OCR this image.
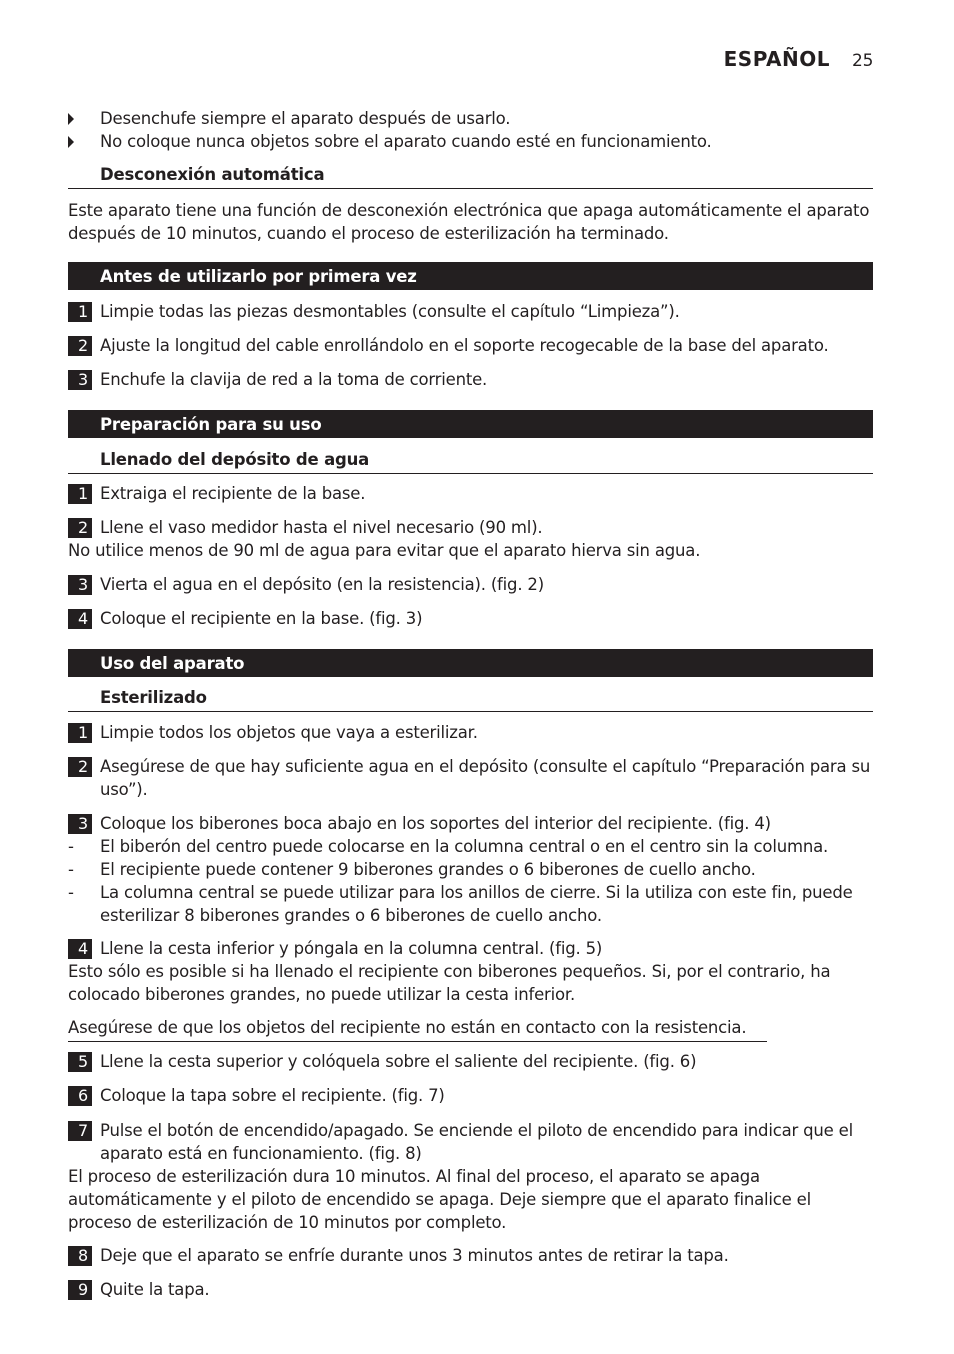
ESPAÑOL 25
Desenchufe siempre el aparato después de usarlo.
No coloque nunca objetos sobre el aparato cuando esté en funcionamiento.
Desconexión automática
Este aparato tiene una función de desconexión electrónica que apaga automáticamente el aparato después de 10 minutos, cuando el proceso de esterilización ha terminado.
Antes de utilizarlo por primera vez
1 Limpie todas las piezas desmontables (consulte el capítulo “Limpieza”).
2 Ajuste la longitud del cable enrollándolo en el soporte recogecable de la base del aparato.
3 Enchufe la clavija de red a la toma de corriente.
Preparación para su uso
Llenado del depósito de agua
1 Extraiga el recipiente de la base.
2 Llene el vaso medidor hasta el nivel necesario (90 ml).
No utilice menos de 90 ml de agua para evitar que el aparato hierva sin agua.
3 Vierta el agua en el depósito (en la resistencia). (fig. 2)
4 Coloque el recipiente en la base. (fig. 3)
Uso del aparato
Esterilizado
1 Limpie todos los objetos que vaya a esterilizar.
2 Asegúrese de que hay suficiente agua en el depósito (consulte el capítulo “Preparación para su uso”).
3 Coloque los biberones boca abajo en los soportes del interior del recipiente. (fig. 4)
- El biberón del centro puede colocarse en la columna central o en el centro sin la columna.
- El recipiente puede contener 9 biberones grandes o 6 biberones de cuello ancho.
- La columna central se puede utilizar para los anillos de cierre. Si la utiliza con este fin, puede esterilizar 8 biberones grandes o 6 biberones de cuello ancho.
4 Llene la cesta inferior y póngala en la columna central. (fig. 5)
Esto sólo es posible si ha llenado el recipiente con biberones pequeños. Si, por el contrario, ha colocado biberones grandes, no puede utilizar la cesta inferior.
Asegúrese de que los objetos del recipiente no están en contacto con la resistencia.
5 Llene la cesta superior y colóquela sobre el saliente del recipiente. (fig. 6)
6 Coloque la tapa sobre el recipiente. (fig. 7)
7 Pulse el botón de encendido/apagado. Se enciende el piloto de encendido para indicar que el aparato está en funcionamiento. (fig. 8)
El proceso de esterilización dura 10 minutos. Al final del proceso, el aparato se apaga automáticamente y el piloto de encendido se apaga. Deje siempre que el aparato finalice el proceso de esterilización de 10 minutos por completo.
8 Deje que el aparato se enfríe durante unos 3 minutos antes de retirar la tapa.
9 Quite la tapa.
